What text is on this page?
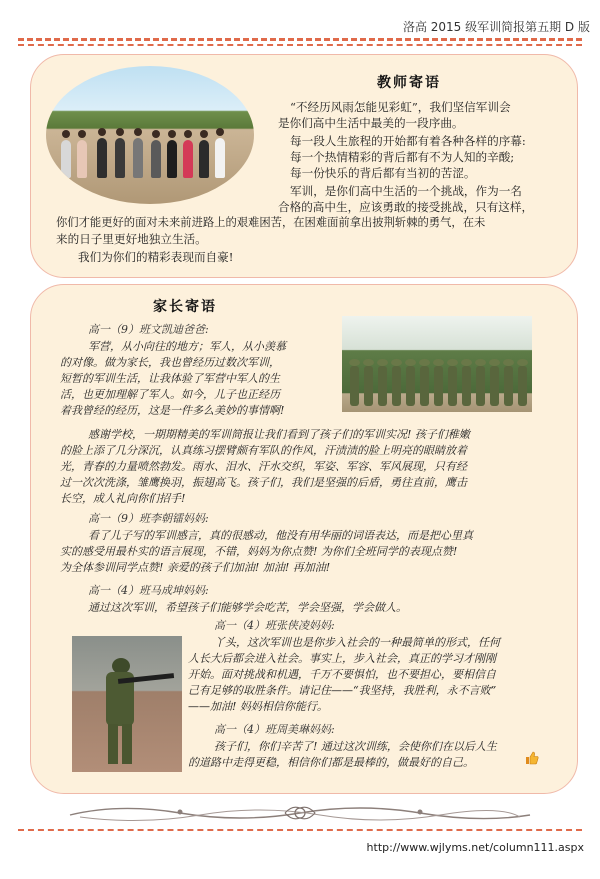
洛高 2015 级军训简报第五期 D 版
教师寄语
“不经历风雨怎能见彩虹”，我们坚信军训会
是你们高中生活中最美的一段序曲。
每一段人生旅程的开始都有着各种各样的序幕:
每一个热情精彩的背后都有不为人知的辛酸;
每一份快乐的背后都有当初的苦涩。
军训，是你们高中生活的一个挑战，作为一名
合格的高中生，应该勇敢的接受挑战，只有这样，
你们才能更好的面对未来前进路上的艰难困苦，在困难面前拿出披荆斩棘的勇气，在未
来的日子里更好地独立生活。
我们为你们的精彩表现而自豪!
家长寄语
高一（9）班文凯迪爸爸:
军营，从小向往的地方；军人，从小羡慕
的对像。做为家长，我也曾经历过数次军训，
短暂的军训生活，让我体验了军营中军人的生
活，也更加理解了军人。如今，儿子也正经历
着我曾经的经历，这是一件多么美妙的事情啊!
感谢学校，一期期精美的军训简报让我们看到了孩子们的军训实况! 孩子们稚嫩
的脸上添了几分深沉，认真练习摆臂颇有军队的作风，汗渍渍的脸上明亮的眼睛放着
光，青春的力量喷然勃发。雨水、泪水、汗水交织，军姿、军容、军风展现，只有经
过一次次洗涤，雏鹰换羽，振翅高飞。孩子们，我们是坚强的后盾，勇往直前，鹰击
长空，成人礼向你们招手!
高一（9）班李朝镭妈妈:
看了儿子写的军训感言，真的很感动，他没有用华丽的词语表达，而是把心里真
实的感受用最朴实的语言展现，不错，妈妈为你点赞! 为你们全班同学的表现点赞!
为全体参训同学点赞! 亲爱的孩子们加油! 加油! 再加油!
高一（4）班马成坤妈妈:
通过这次军训，希望孩子们能够学会吃苦，学会坚强，学会做人。
高一（4）班张侠凌妈妈:
丫头，这次军训也是你步入社会的一种最简单的形式，任何
人长大后都会进入社会。事实上，步入社会，真正的学习才刚刚
开始。面对挑战和机遇，千万不要惧怕，也不要担心，要相信自
己有足够的取胜条件。请记住——“我坚持，我胜利，永不言败”
——加油! 妈妈相信你能行。
高一（4）班周美琳妈妈:
孩子们，你们辛苦了! 通过这次训练，会使你们在以后人生
的道路中走得更稳，相信你们都是最棒的，做最好的自己。
http://www.wjlyms.net/column111.aspx
